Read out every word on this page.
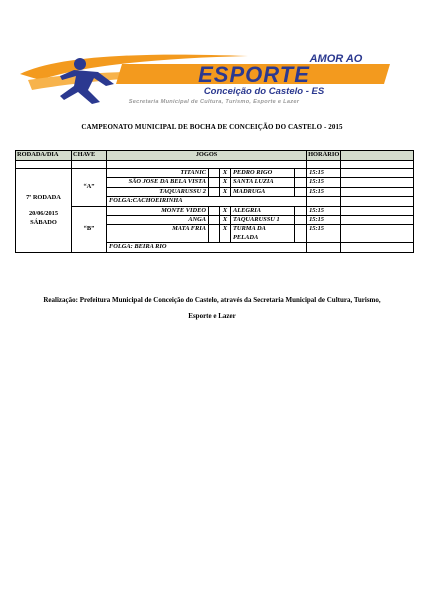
AMOR AO
ESPORTE
Conceição do Castelo - ES
Secretaria Municipal de Cultura, Turismo, Esporte e Lazer
CAMPEONATO MUNICIPAL DE BOCHA DE CONCEIÇÃO DO CASTELO - 2015
RODADA/DIA	CHAVE	JOGOS					HORÁRIO	

7ª RODADA
20/06/2015
SÁBADO	“A”	TITANIC		X	PEDRO RIGO		15:15	
		SÃO JOSE DA BELA VISTA		X	SANTA LUZIA		15:15	
		TAQUARUSSU 2		X	MADRUGA		15:15	
		FOLGA:CACHOEIRINHA						
	“B”	MONTE VIDEO		X	ALEGRIA		15:15	
		ANGA		X	TAQUARUSSU 1		15:15	
		MATA FRIA		X	TURMA DA PELADA		15:15	
		FOLGA: BEIRA RIO						
Realização: Prefeitura Municipal de Conceição do Castelo, através da Secretaria Municipal de Cultura, Turismo, Esporte e Lazer
